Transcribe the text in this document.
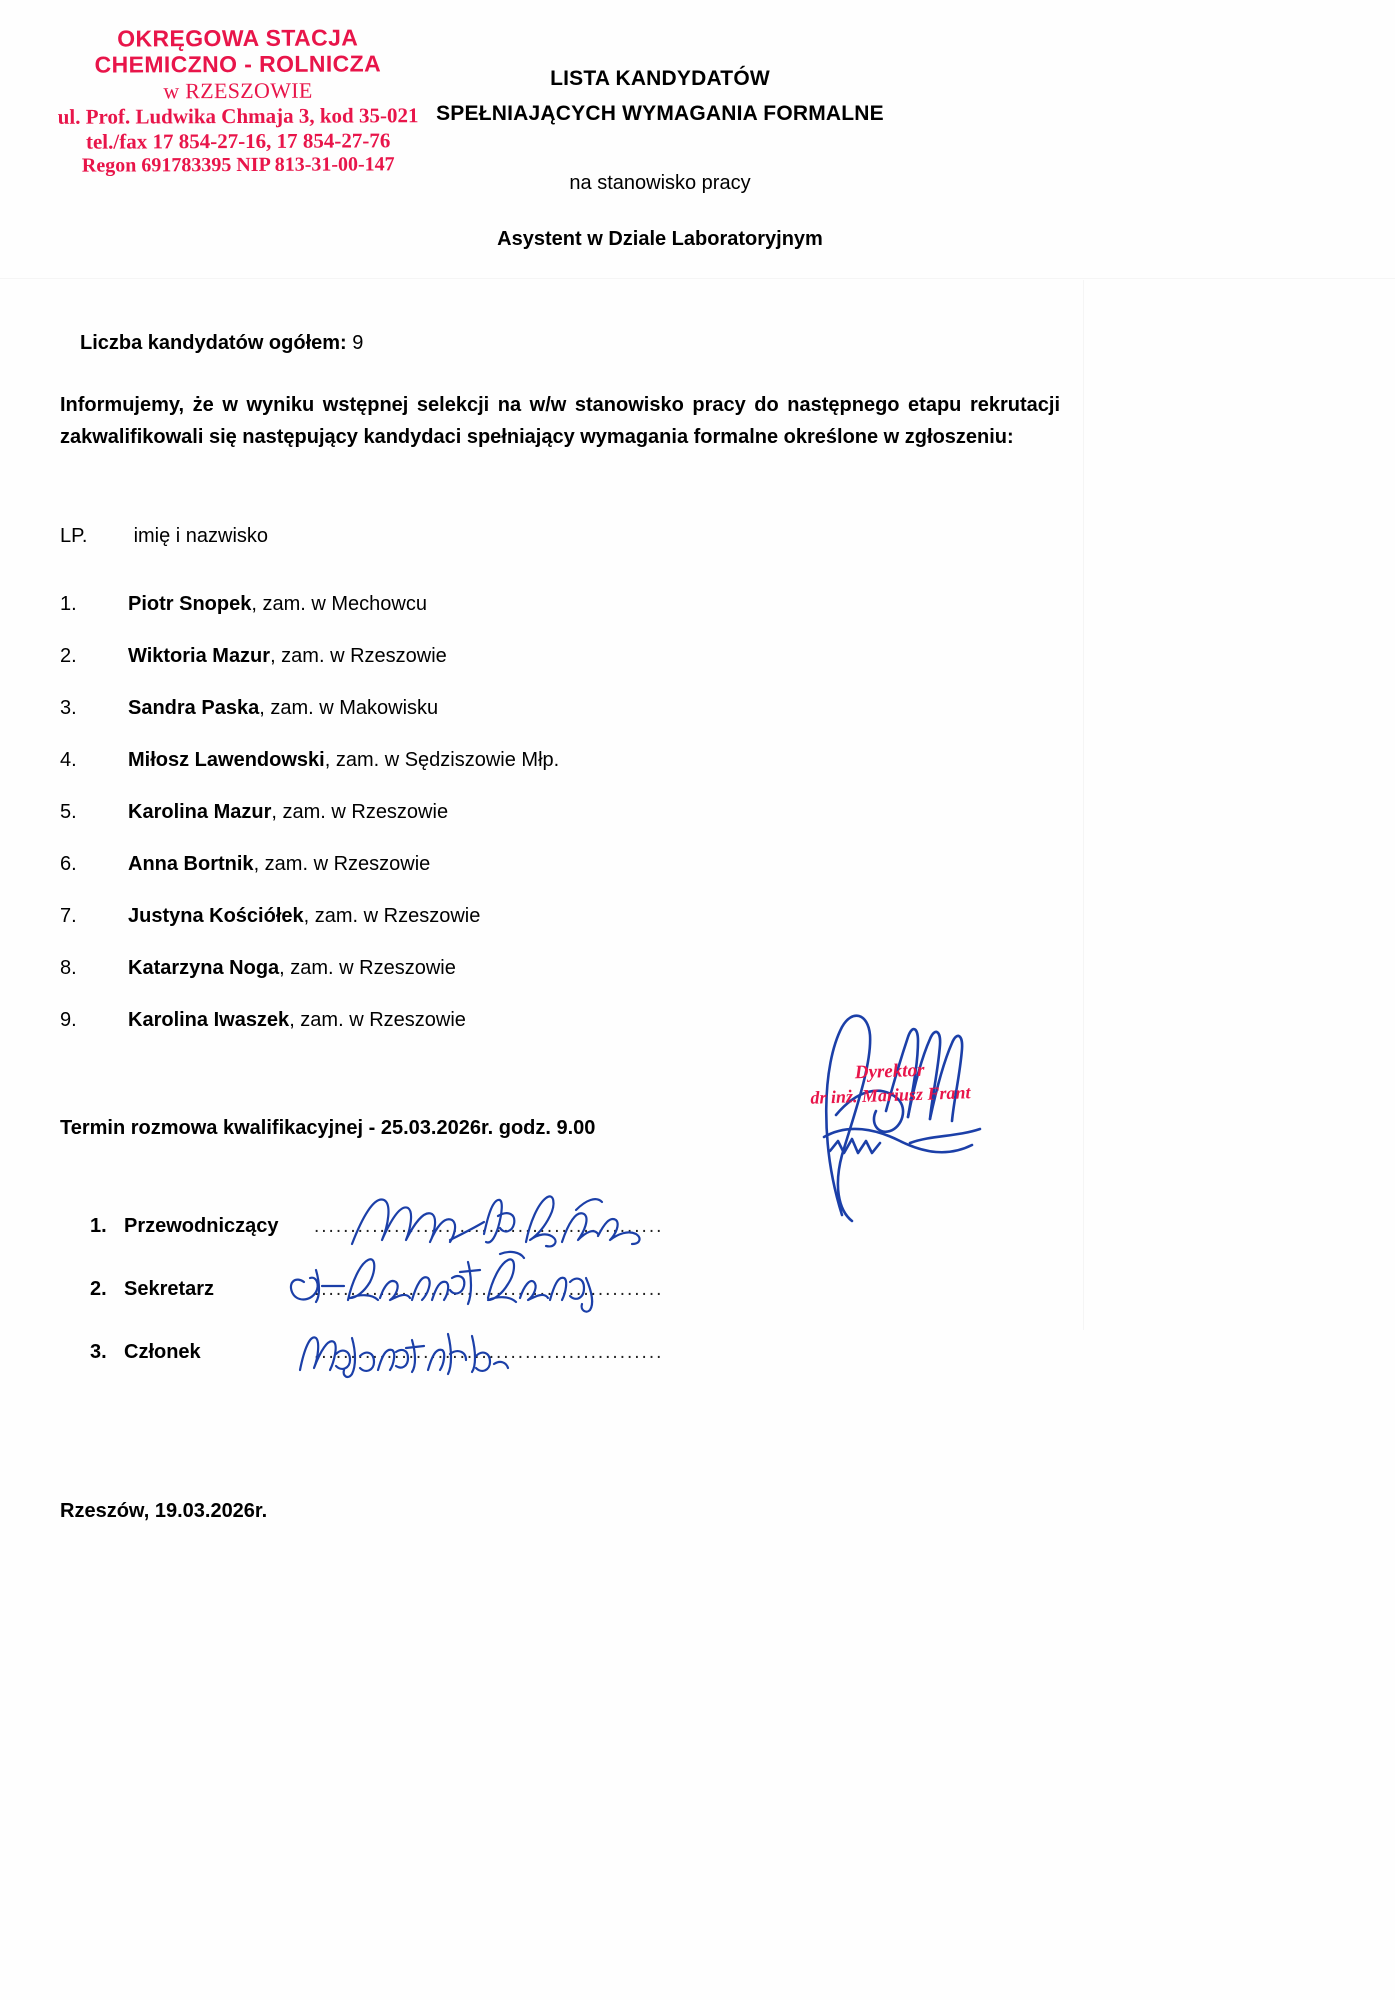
OKRĘGOWA STACJA
CHEMICZNO - ROLNICZA
w RZESZOWIE
ul. Prof. Ludwika Chmaja 3, kod 35-021
tel./fax 17 854-27-16, 17 854-27-76
Regon 691783395 NIP 813-31-00-147
LISTA KANDYDATÓW
SPEŁNIAJĄCYCH WYMAGANIA FORMALNE
na stanowisko pracy
Asystent w Dziale Laboratoryjnym
Liczba kandydatów ogółem: 9
Informujemy, że w wyniku wstępnej selekcji na w/w stanowisko pracy do następnego etapu rekrutacji zakwalifikowali się następujący kandydaci spełniający wymagania formalne określone w zgłoszeniu:
LP. imię i nazwisko
1.	Piotr Snopek, zam. w Mechowcu
2.	Wiktoria Mazur, zam. w Rzeszowie
3.	Sandra Paska, zam. w Makowisku
4.	Miłosz Lawendowski, zam. w Sędziszowie Młp.
5.	Karolina Mazur, zam. w Rzeszowie
6.	Anna Bortnik, zam. w Rzeszowie
7.	Justyna Kościółek, zam. w Rzeszowie
8.	Katarzyna Noga, zam. w Rzeszowie
9.	Karolina Iwaszek, zam. w Rzeszowie
Termin rozmowa kwalifikacyjnej - 25.03.2026r. godz. 9.00
Dyrektor
dr inż. Mariusz Frant
1. Przewodniczący ................................................
2. Sekretarz	................................................
3. Członek	................................................
Rzeszów, 19.03.2026r.
